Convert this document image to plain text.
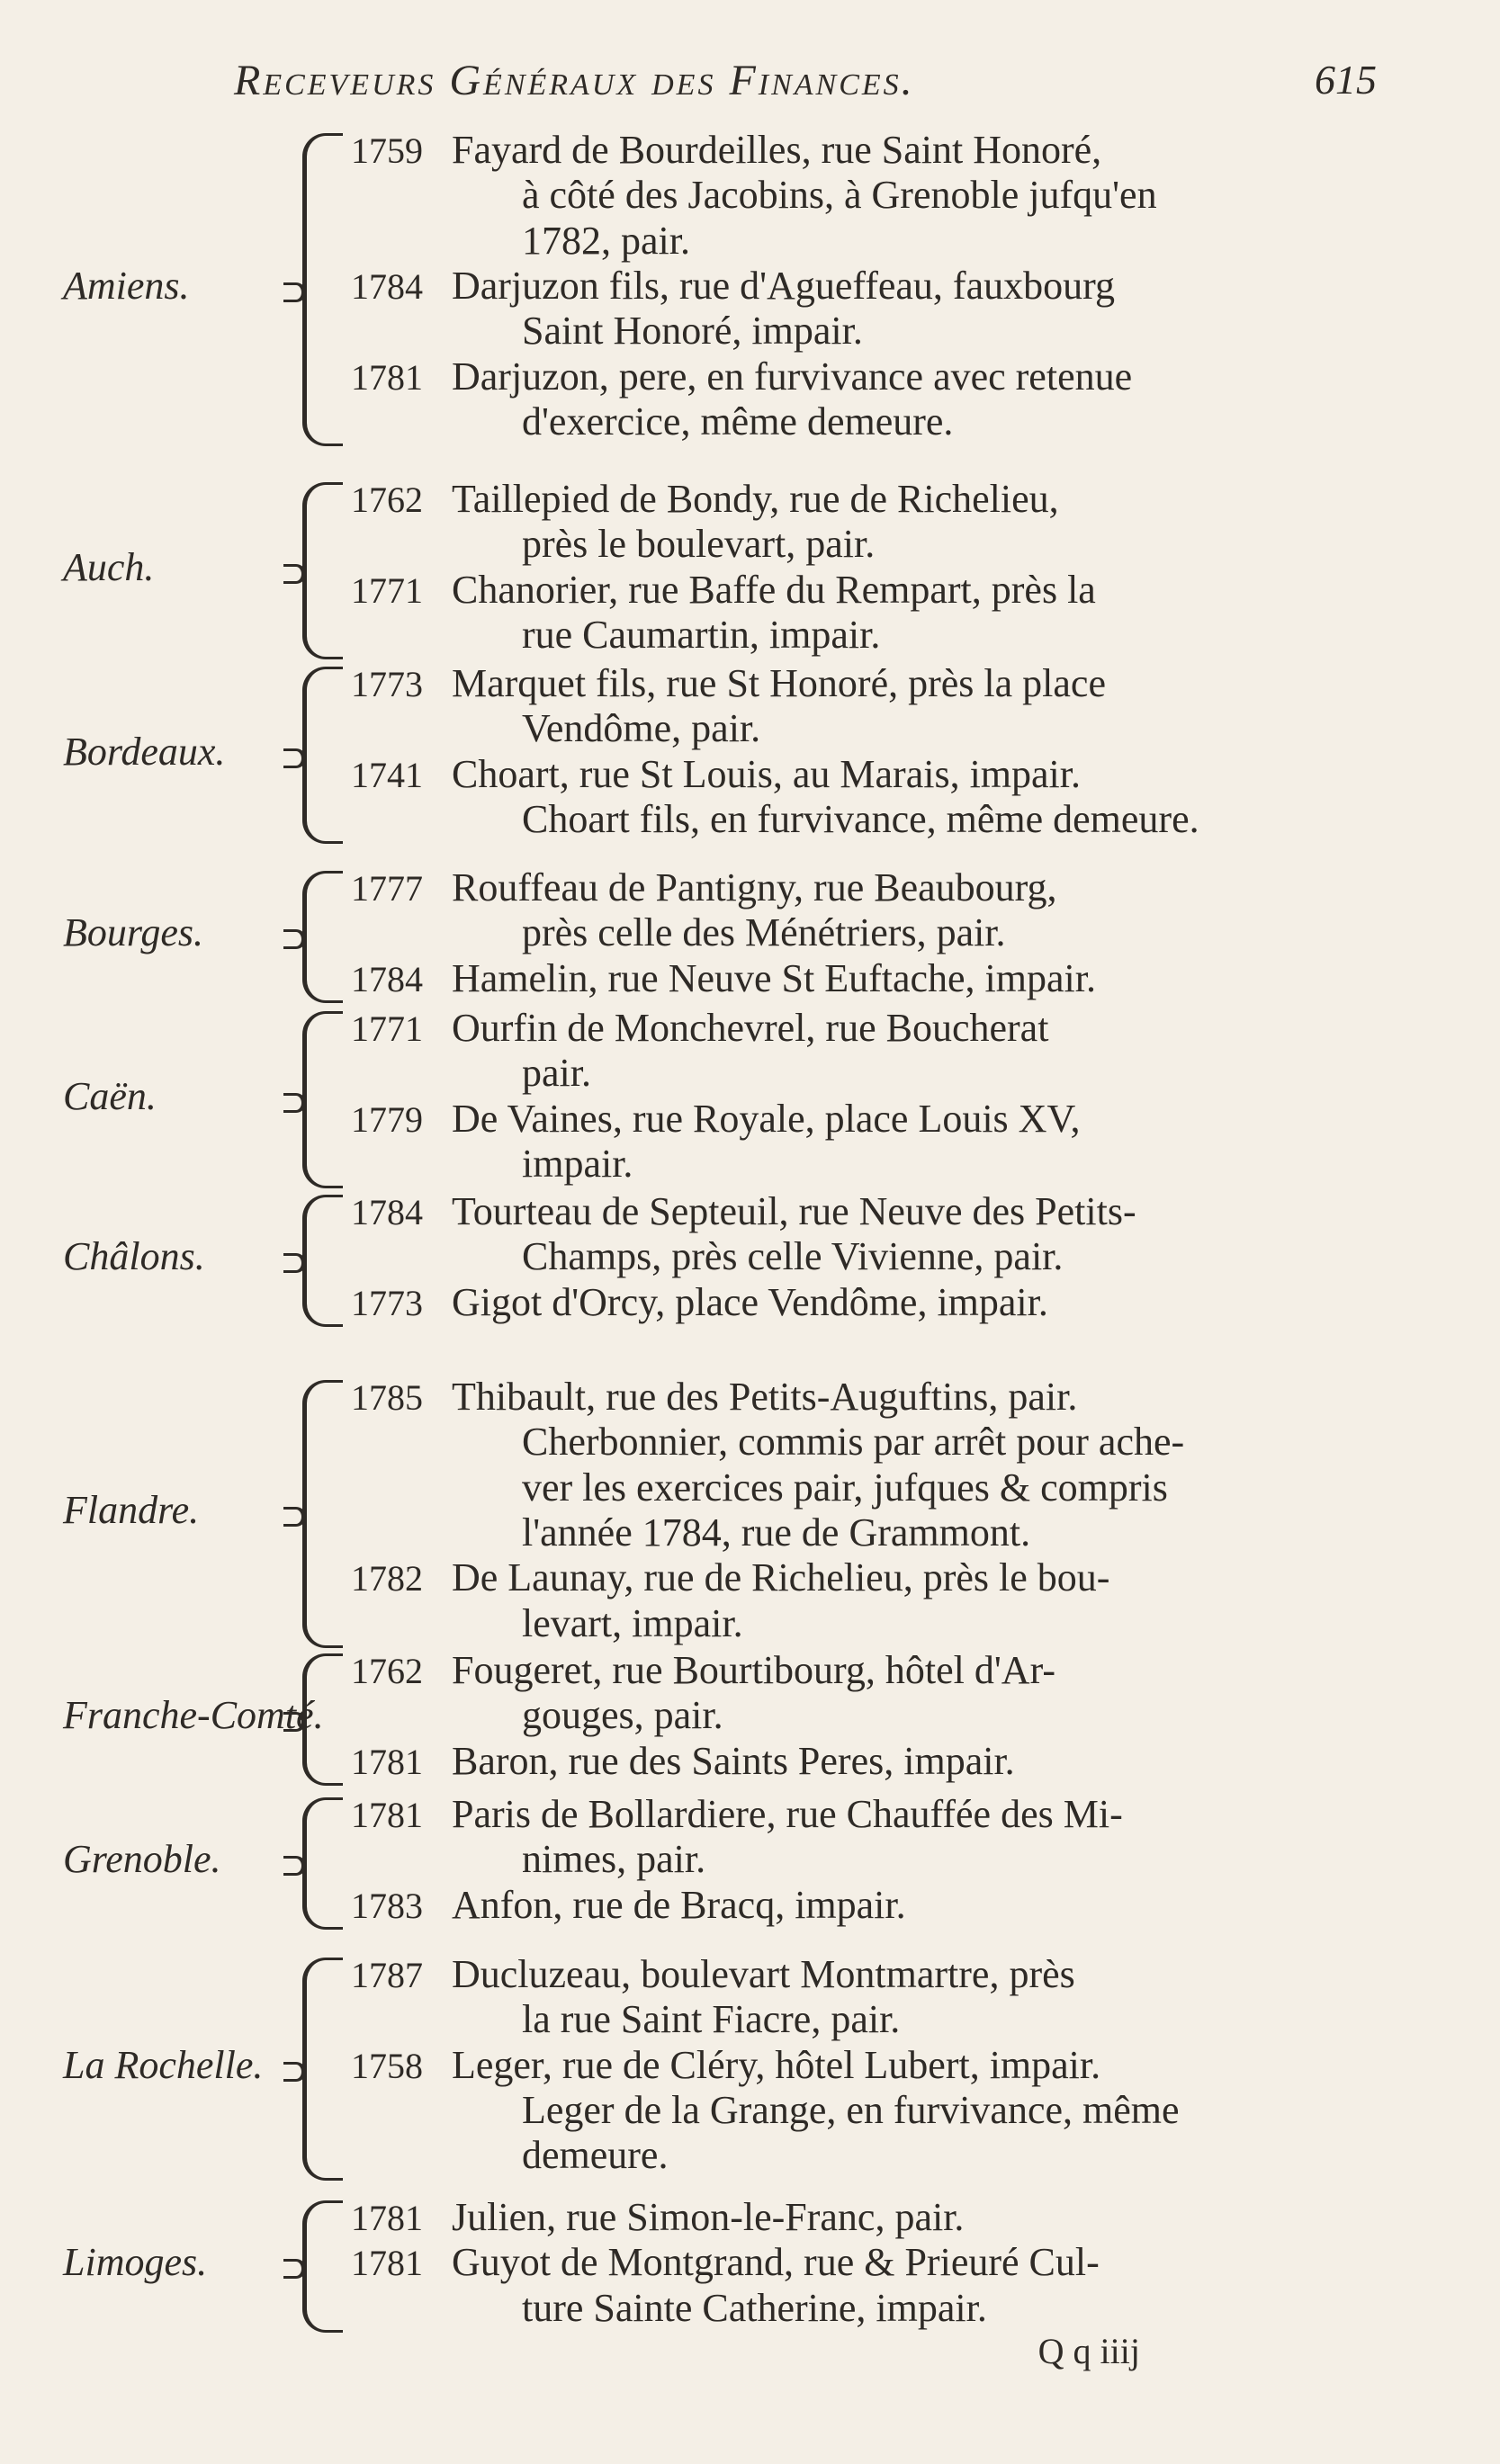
Receveurs Généraux des Finances.	615
Amiens.
1759 Fayard de Bourdeilles, rue Saint Honoré,
à côté des Jacobins, à Grenoble jufqu'en
1782, pair.
1784 Darjuzon fils, rue d'Agueffeau, fauxbourg
Saint Honoré, impair.
1781 Darjuzon, pere, en furvivance avec retenue
d'exercice, même demeure.
Auch.
1762 Taillepied de Bondy, rue de Richelieu,
près le boulevart, pair.
1771 Chanorier, rue Baffe du Rempart, près la
rue Caumartin, impair.
Bordeaux.
1773 Marquet fils, rue St Honoré, près la place
Vendôme, pair.
1741 Choart, rue St Louis, au Marais, impair.
Choart fils, en furvivance, même demeure.
Bourges.
1777 Rouffeau de Pantigny, rue Beaubourg,
près celle des Ménétriers, pair.
1784 Hamelin, rue Neuve St Euftache, impair.
Caën.
1771 Ourfin de Monchevrel, rue Boucherat
pair.
1779 De Vaines, rue Royale, place Louis XV,
impair.
Châlons.
1784 Tourteau de Septeuil, rue Neuve des Petits-
Champs, près celle Vivienne, pair.
1773 Gigot d'Orcy, place Vendôme, impair.
Flandre.
1785 Thibault, rue des Petits-Auguftins, pair.
Cherbonnier, commis par arrêt pour ache-
ver les exercices pair, jufques & compris
l'année 1784, rue de Grammont.
1782 De Launay, rue de Richelieu, près le bou-
levart, impair.
Franche-Comté.
1762 Fougeret, rue Bourtibourg, hôtel d'Ar-
gouges, pair.
1781 Baron, rue des Saints Peres, impair.
Grenoble.
1781 Paris de Bollardiere, rue Chauffée des Mi-
nimes, pair.
1783 Anfon, rue de Bracq, impair.
La Rochelle.
1787 Ducluzeau, boulevart Montmartre, près
la rue Saint Fiacre, pair.
1758 Leger, rue de Cléry, hôtel Lubert, impair.
Leger de la Grange, en furvivance, même
demeure.
Limoges.
1781 Julien, rue Simon-le-Franc, pair.
1781 Guyot de Montgrand, rue & Prieuré Cul-
ture Sainte Catherine, impair.
Q q iiij
